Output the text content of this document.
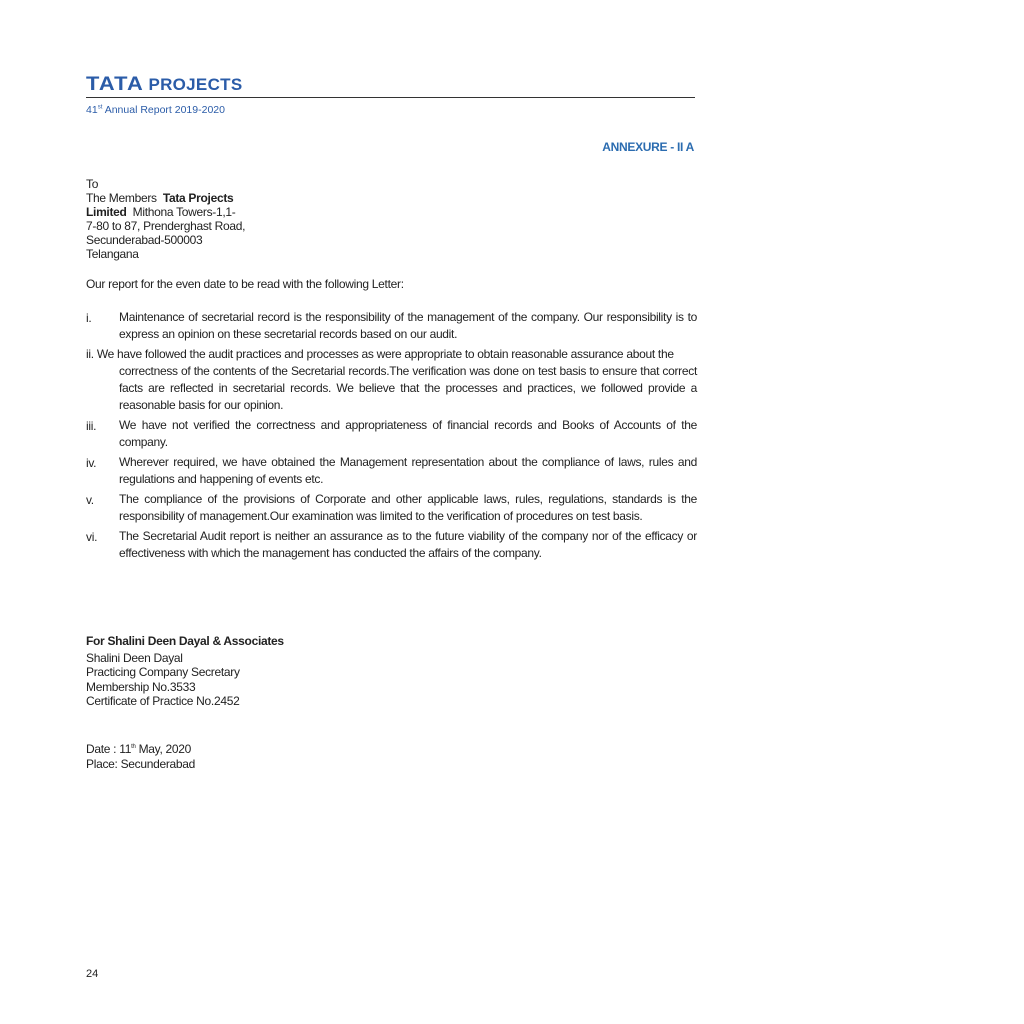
TATA PROJECTS
41st Annual Report 2019-2020
ANNEXURE - II A
To
The Members Tata Projects
Limited Mithona Towers-1,1-
7-80 to 87, Prenderghast Road,
Secunderabad-500003
Telangana
Our report for the even date to be read with the following Letter:
i. Maintenance of secretarial record is the responsibility of the management of the company. Our responsibility is to express an opinion on these secretarial records based on our audit.
ii. We have followed the audit practices and processes as were appropriate to obtain reasonable assurance about the
correctness of the contents of the Secretarial records.The verification was done on test basis to ensure that correct facts are reflected in secretarial records. We believe that the processes and practices, we followed provide a reasonable basis for our opinion.
iii. We have not verified the correctness and appropriateness of financial records and Books of Accounts of the company.
iv. Wherever required, we have obtained the Management representation about the compliance of laws, rules and regulations and happening of events etc.
v. The compliance of the provisions of Corporate and other applicable laws, rules, regulations, standards is the responsibility of management.Our examination was limited to the verification of procedures on test basis.
vi. The Secretarial Audit report is neither an assurance as to the future viability of the company nor of the efficacy or effectiveness with which the management has conducted the affairs of the company.
For Shalini Deen Dayal & Associates
Shalini Deen Dayal
Practicing Company Secretary
Membership No.3533
Certificate of Practice No.2452
Date : 11th May, 2020
Place: Secunderabad
24
